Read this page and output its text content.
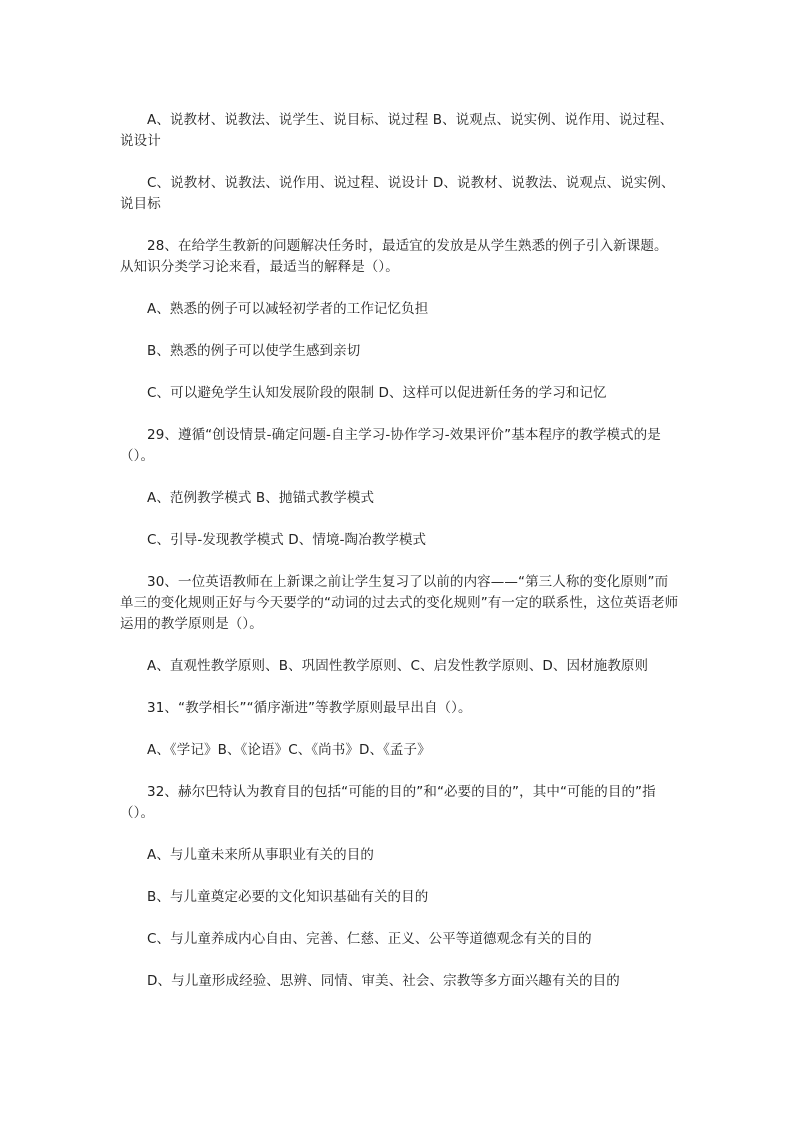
A、说教材、说教法、说学生、说目标、说过程 B、说观点、说实例、说作用、说过程、说设计

C、说教材、说教法、说作用、说过程、说设计 D、说教材、说教法、说观点、说实例、说目标

28、在给学生教新的问题解决任务时，最适宜的发放是从学生熟悉的例子引入新课题。从知识分类学习论来看，最适当的解释是（）。

A、熟悉的例子可以减轻初学者的工作记忆负担

B、熟悉的例子可以使学生感到亲切

C、可以避免学生认知发展阶段的限制 D、这样可以促进新任务的学习和记忆

29、遵循“创设情景-确定问题-自主学习-协作学习-效果评价”基本程序的教学模式的是（）。

A、范例教学模式 B、抛锚式教学模式

C、引导-发现教学模式 D、情境-陶冶教学模式

30、一位英语教师在上新课之前让学生复习了以前的内容——“第三人称的变化原则”而单三的变化规则正好与今天要学的“动词的过去式的变化规则”有一定的联系性，这位英语老师运用的教学原则是（）。

A、直观性教学原则、B、巩固性教学原则、C、启发性教学原则、D、因材施教原则

31、“教学相长”“循序渐进”等教学原则最早出自（）。

A、《学记》B、《论语》C、《尚书》D、《孟子》

32、赫尔巴特认为教育目的包括“可能的目的”和“必要的目的”，其中“可能的目的”指（）。

A、与儿童未来所从事职业有关的目的

B、与儿童奠定必要的文化知识基础有关的目的

C、与儿童养成内心自由、完善、仁慈、正义、公平等道德观念有关的目的

D、与儿童形成经验、思辨、同情、审美、社会、宗教等多方面兴趣有关的目的
